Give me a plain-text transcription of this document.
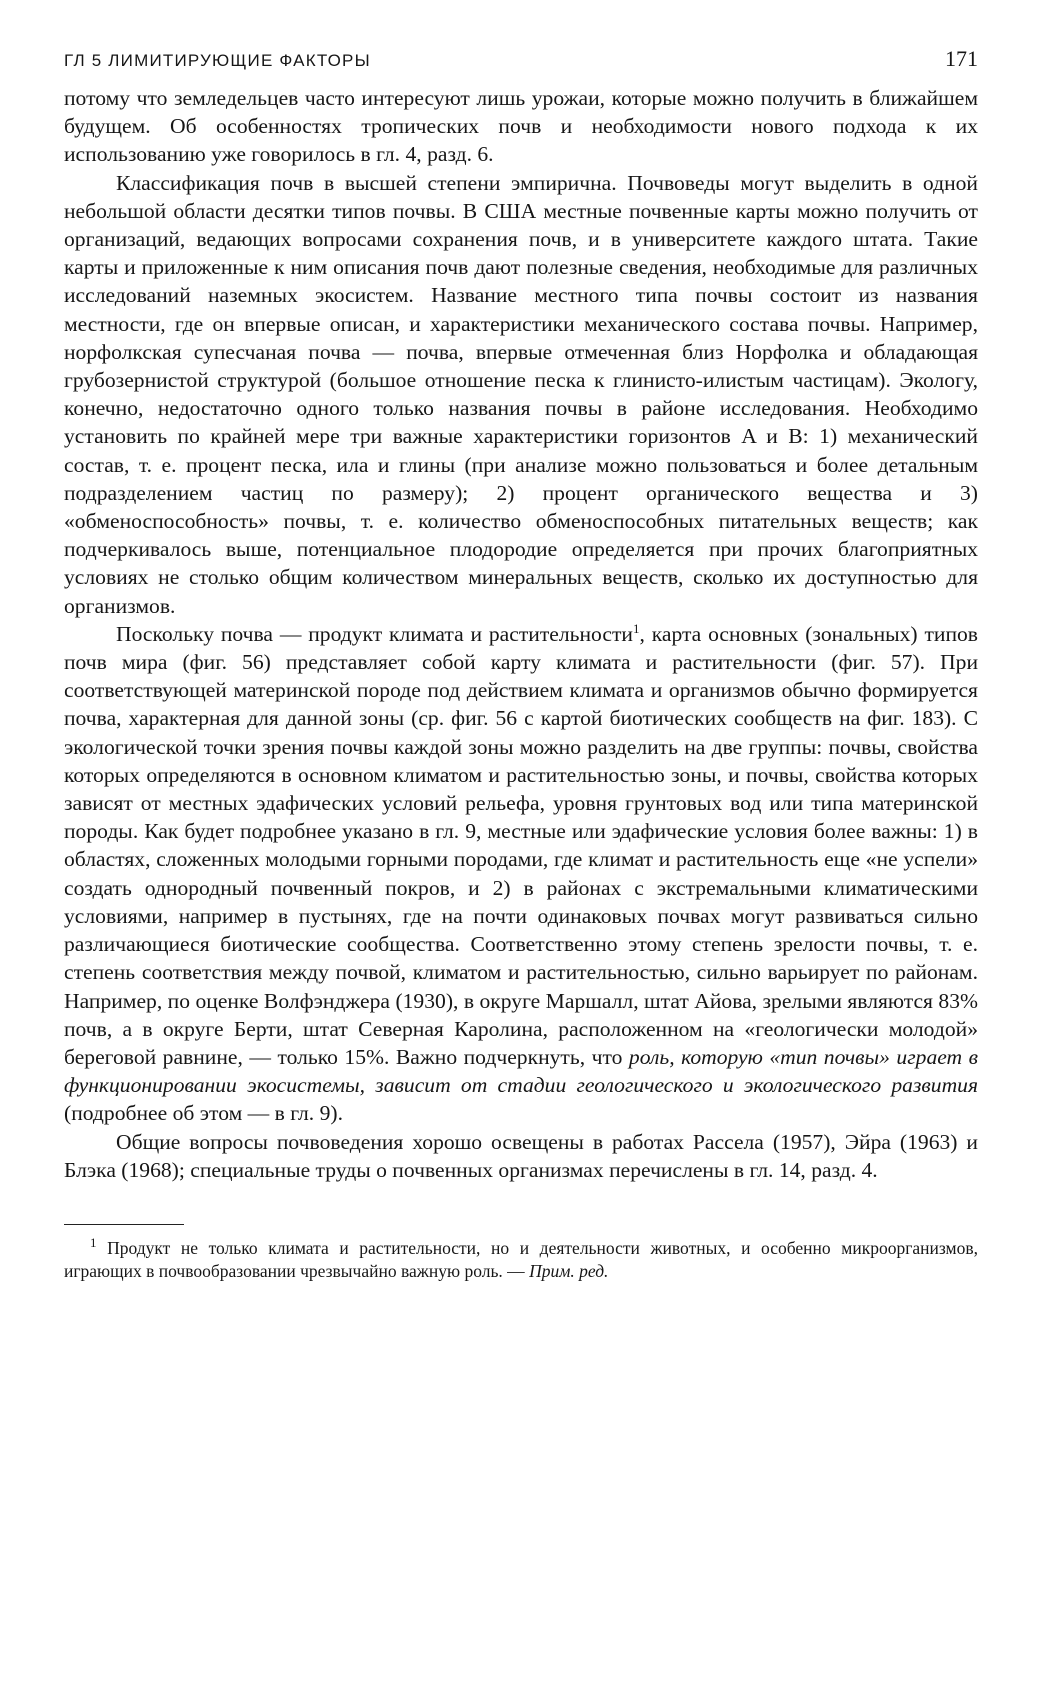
ГЛ 5 ЛИМИТИРУЮЩИЕ ФАКТОРЫ	171

потому что земледельцев часто интересуют лишь урожаи, которые можно получить в ближайшем будущем. Об особенностях тропических почв и необходимости нового подхода к их использованию уже говорилось в гл. 4, разд. 6.

Классификация почв в высшей степени эмпирична. Почвоведы могут выделить в одной небольшой области десятки типов почвы. В США местные почвенные карты можно получить от организаций, ведающих вопросами сохранения почв, и в университете каждого штата. Такие карты и приложенные к ним описания почв дают полезные сведения, необходимые для различных исследований наземных экосистем. Название местного типа почвы состоит из названия местности, где он впервые описан, и характеристики механического состава почвы. Например, норфолкская супесчаная почва — почва, впервые отмеченная близ Норфолка и обладающая грубозернистой структурой (большое отношение песка к глинисто-илистым частицам). Экологу, конечно, недостаточно одного только названия почвы в районе исследования. Необходимо установить по крайней мере три важные характеристики горизонтов A и B: 1) механический состав, т. е. процент песка, ила и глины (при анализе можно пользоваться и более детальным подразделением частиц по размеру); 2) процент органического вещества и 3) «обменоспособность» почвы, т. е. количество обменоспособных питательных веществ; как подчеркивалось выше, потенциальное плодородие определяется при прочих благоприятных условиях не столько общим количеством минеральных веществ, сколько их доступностью для организмов.

Поскольку почва — продукт климата и растительности$^1$, карта основных (зональных) типов почв мира (фиг. 56) представляет собой карту климата и растительности (фиг. 57). При соответствующей материнской породе под действием климата и организмов обычно формируется почва, характерная для данной зоны (ср. фиг. 56 с картой биотических сообществ на фиг. 183). С экологической точки зрения почвы каждой зоны можно разделить на две группы: почвы, свойства которых определяются в основном климатом и растительностью зоны, и почвы, свойства которых зависят от местных эдафических условий рельефа, уровня грунтовых вод или типа материнской породы. Как будет подробнее указано в гл. 9, местные или эдафические условия более важны: 1) в областях, сложенных молодыми горными породами, где климат и растительность еще «не успели» создать однородный почвенный покров, и 2) в районах с экстремальными климатическими условиями, например в пустынях, где на почти одинаковых почвах могут развиваться сильно различающиеся биотические сообщества. Соответственно этому степень зрелости почвы, т. е. степень соответствия между почвой, климатом и растительностью, сильно варьирует по районам. Например, по оценке Волфэнджера (1930), в округе Маршалл, штат Айова, зрелыми являются 83% почв, а в округе Берти, штат Северная Каролина, расположенном на «геологически молодой» береговой равнине, — только 15%. Важно подчеркнуть, что роль, которую «тип почвы» играет в функционировании экосистемы, зависит от стадии геологического и экологического развития (подробнее об этом — в гл. 9).

Общие вопросы почвоведения хорошо освещены в работах Рассела (1957), Эйра (1963) и Блэка (1968); специальные труды о почвенных организмах перечислены в гл. 14, разд. 4.

$^1$ Продукт не только климата и растительности, но и деятельности животных, и особенно микроорганизмов, играющих в почвообразовании чрезвычайно важную роль. — Прим. ред.
